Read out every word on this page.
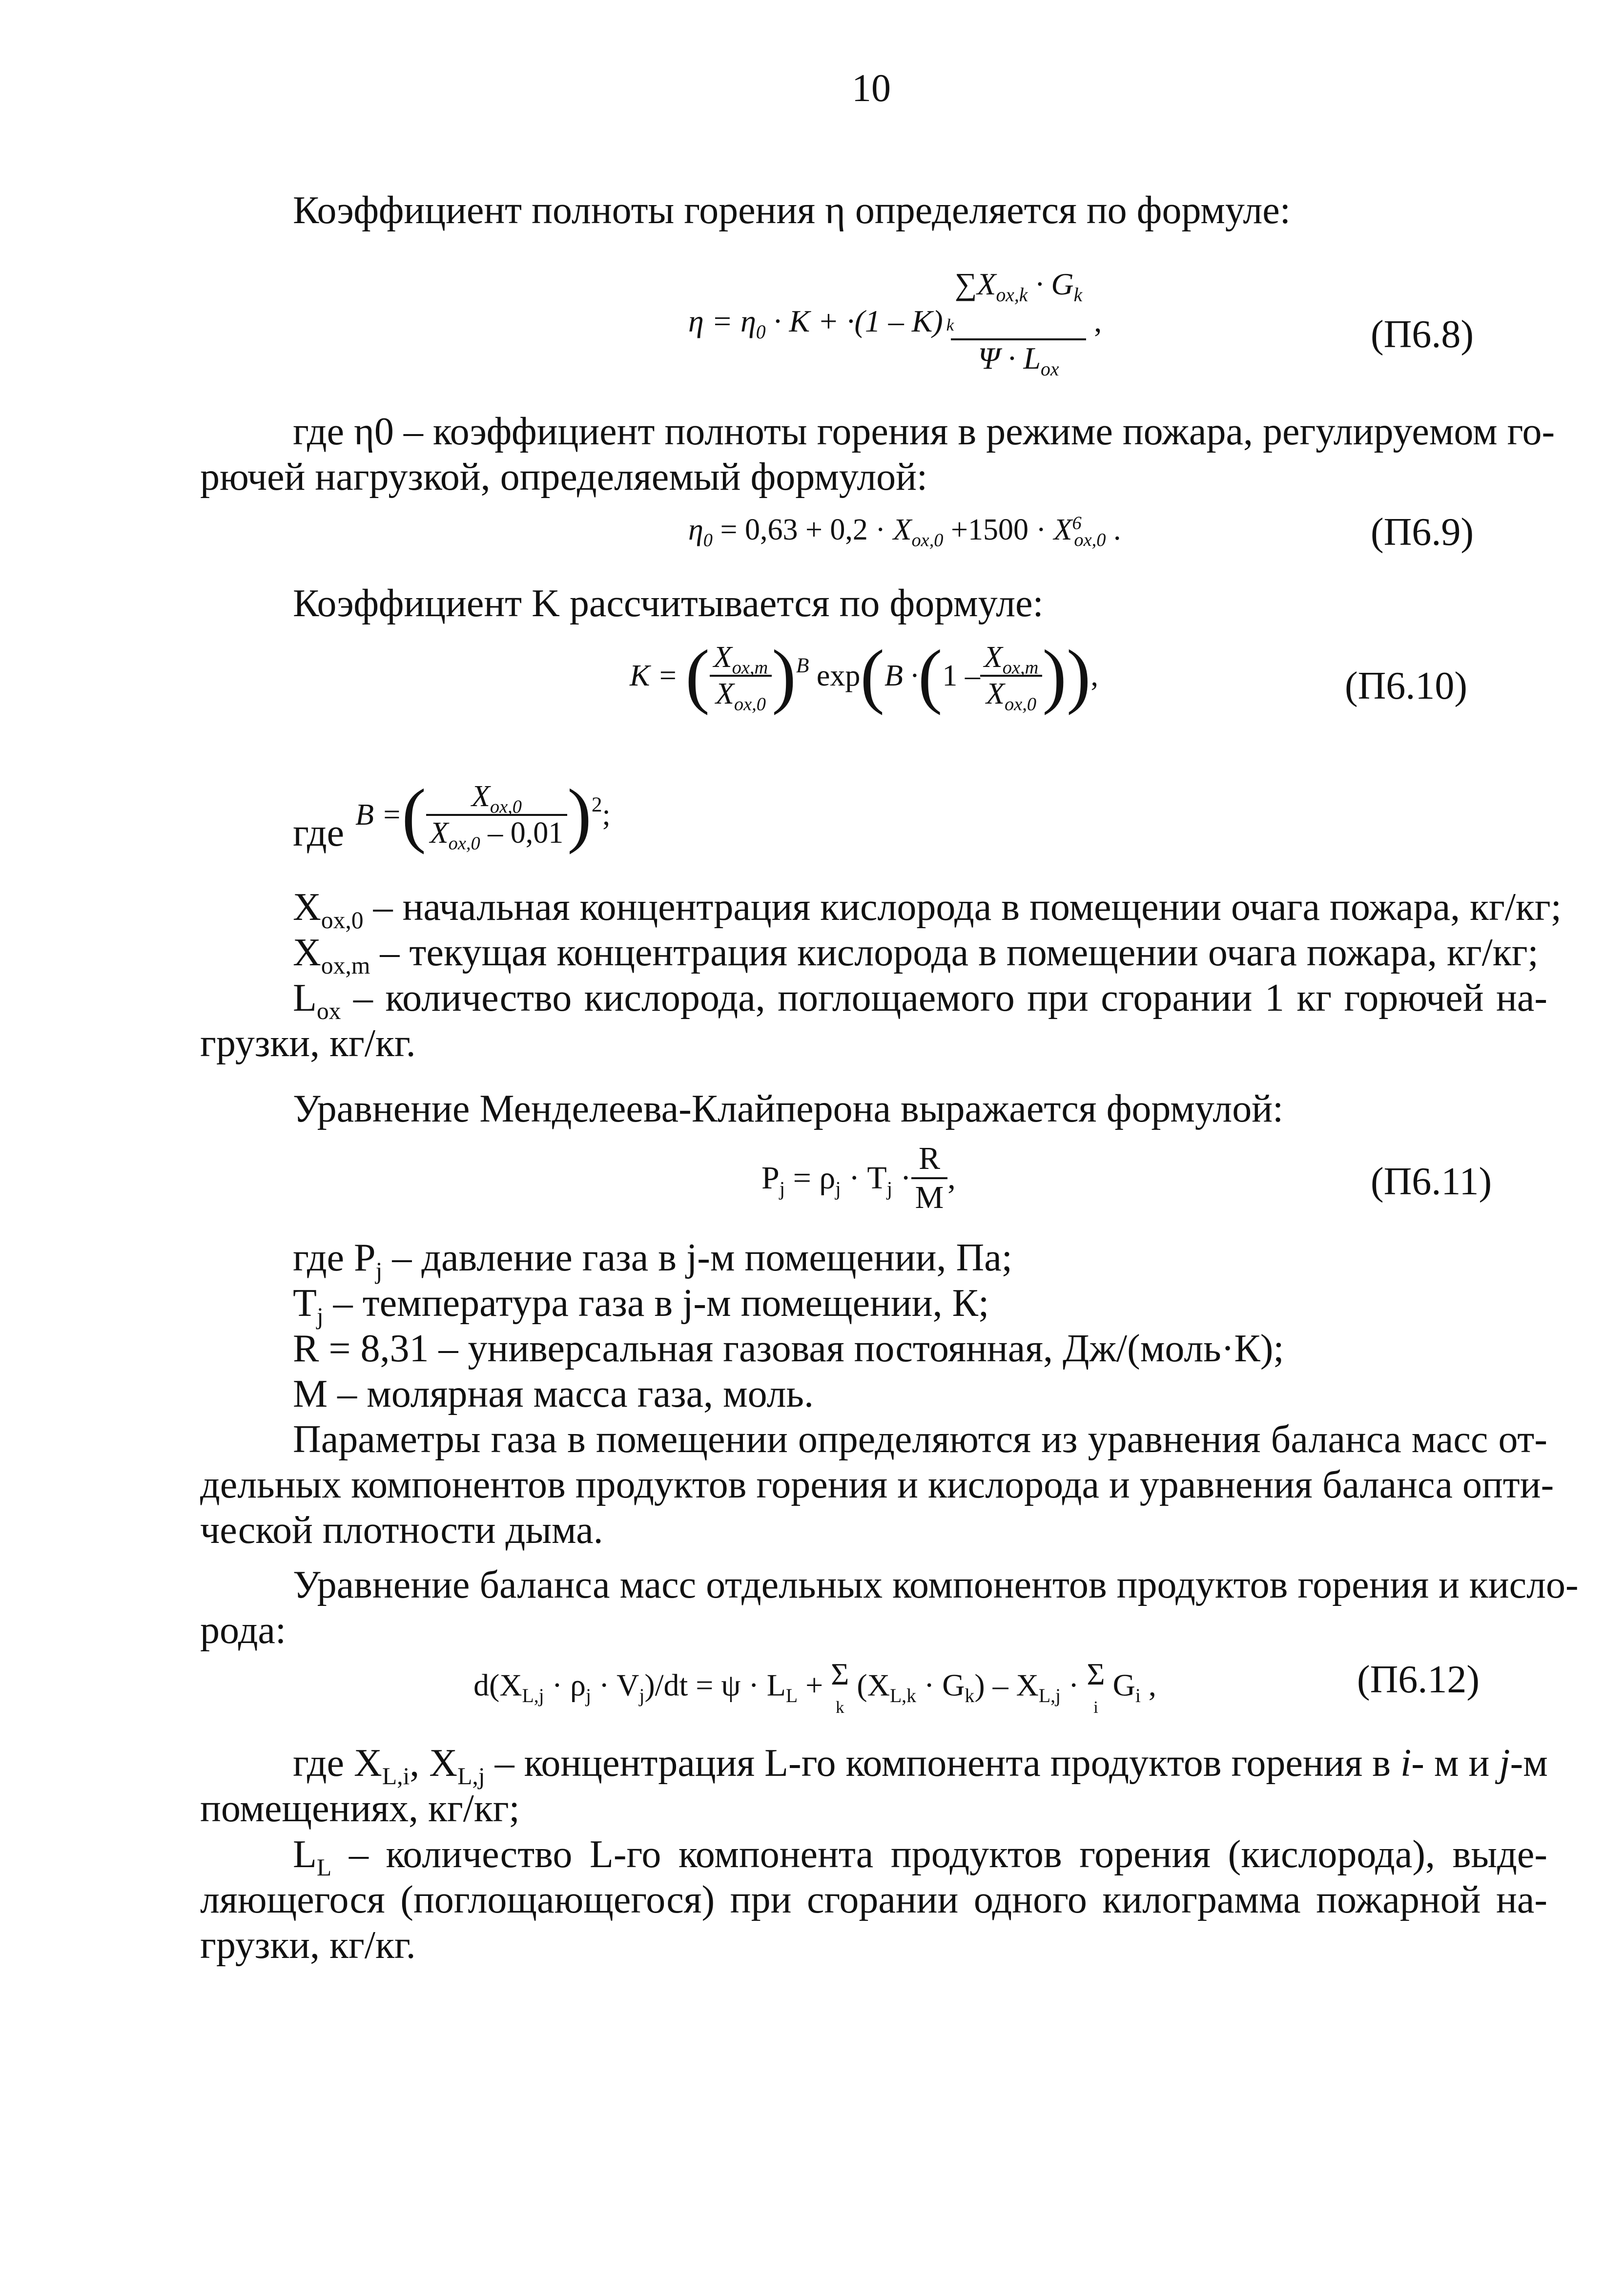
10
Коэффициент полноты горения η определяется по формуле:
$\eta = \eta_0 \cdot K + \cdot(1 - K)$
$\sum X_{ox,k} \cdot G_k$
k
$\Psi \cdot L_{ox}$
,	(П6.8)
где η0 – коэффициент полноты горения в режиме пожара, регулируемом го-
рючей нагрузкой, определяемый формулой:
$\eta_0 = 0,63 + 0,2 \cdot X_{ox,0} +1500 \cdot X^6_{ox,0}$ .	(П6.9)
Коэффициент K рассчитывается по формуле:
K = ( $\frac{X_{ox,m}}{X_{ox,0}} )^B$ $\exp(B \cdot(1 - \frac{X_{ox,m}}{X_{ox,0}}$ )),	(П6.10)
где B =( $\frac{X_{ox,0}}{X_{ox,0} - 0,01} )^2$;
$X_{ox,0}$ – начальная концентрация кислорода в помещении очага пожара, кг/кг;
$X_{ox,m}$ – текущая концентрация кислорода в помещении очага пожара, кг/кг;
$L_{ox}$ – количество кислорода, поглощаемого при сгорании 1 кг горючей на-
грузки, кг/кг.
Уравнение Менделеева-Клайперона выражается формулой:
$P_j = \rho_j \cdot T_j \cdot \frac{R}{M}$ ,	(П6.11)
где $P_j$ – давление газа в j-м помещении, Па;
$T_j$ – температура газа в j-м помещении, К;
R = 8,31 – универсальная газовая постоянная, Дж/(моль·К);
М – молярная масса газа, моль.
Параметры газа в помещении определяются из уравнения баланса масс от-
дельных компонентов продуктов горения и кислорода и уравнения баланса опти-
ческой плотности дыма.
Уравнение баланса масс отдельных компонентов продуктов горения и кисло-
рода:
$d(X_{L,j} \cdot \rho_j \cdot V_j)/dt = \psi \cdot L_L + \Sigma$
k $(X_{L,k} \cdot G_k) - X_{L,j} \cdot \Sigma$
i $G_i$ ,	(П6.12)
где $X_{L,i}$, $X_{L,j}$ – концентрация L-го компонента продуктов горения в i- м и j-м
помещениях, кг/кг;
$L_L$ – количество L-го компонента продуктов горения (кислорода), выде-
ляющегося (поглощающегося) при сгорании одного килограмма пожарной на-
грузки, кг/кг.
